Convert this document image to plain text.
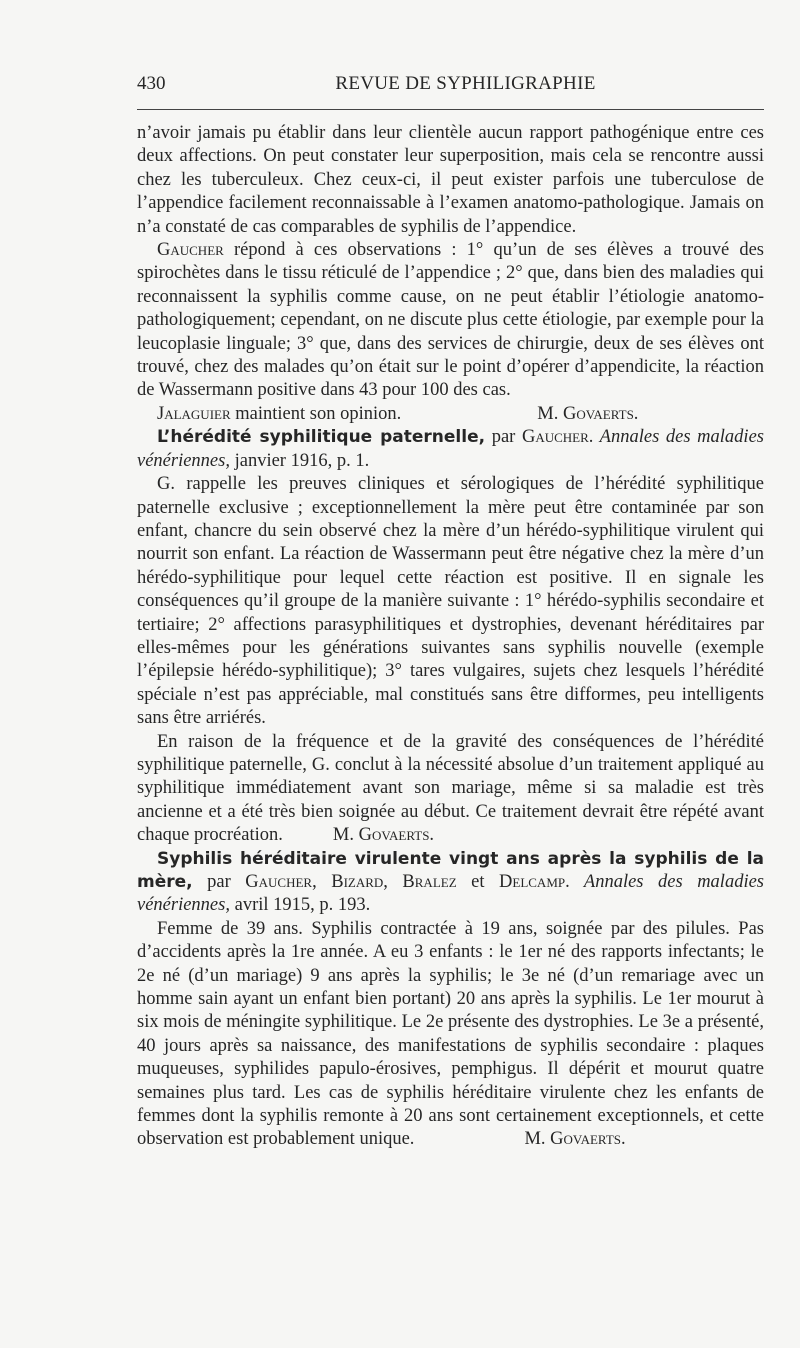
430	REVUE DE SYPHILIGRAPHIE

n’avoir jamais pu établir dans leur clientèle aucun rapport pathogénique entre ces deux affections. On peut constater leur superposition, mais cela se rencontre aussi chez les tuberculeux. Chez ceux-ci, il peut exister parfois une tuberculose de l’appendice facilement reconnaissable à l’examen anatomo-pathologique. Jamais on n’a constaté de cas comparables de syphilis de l’appendice.

Gaucher répond à ces observations : 1° qu’un de ses élèves a trouvé des spirochètes dans le tissu réticulé de l’appendice ; 2° que, dans bien des maladies qui reconnaissent la syphilis comme cause, on ne peut établir l’étiologie anatomo-pathologiquement; cependant, on ne discute plus cette étiologie, par exemple pour la leucoplasie linguale; 3° que, dans des services de chirurgie, deux de ses élèves ont trouvé, chez des malades qu’on était sur le point d’opérer d’appendicite, la réaction de Wassermann positive dans 43 pour 100 des cas.

Jalaguier maintient son opinion.	M. Govaerts.

L’hérédité syphilitique paternelle, par Gaucher. Annales des maladies vénériennes, janvier 1916, p. 1.

G. rappelle les preuves cliniques et sérologiques de l’hérédité syphilitique paternelle exclusive ; exceptionnellement la mère peut être contaminée par son enfant, chancre du sein observé chez la mère d’un hérédo-syphilitique virulent qui nourrit son enfant. La réaction de Wassermann peut être négative chez la mère d’un hérédo-syphilitique pour lequel cette réaction est positive. Il en signale les conséquences qu’il groupe de la manière suivante : 1° hérédo-syphilis secondaire et tertiaire; 2° affections parasyphilitiques et dystrophies, devenant héréditaires par elles-mêmes pour les générations suivantes sans syphilis nouvelle (exemple l’épilepsie hérédo-syphilitique); 3° tares vulgaires, sujets chez lesquels l’hérédité spéciale n’est pas appréciable, mal constitués sans être difformes, peu intelligents sans être arriérés.

En raison de la fréquence et de la gravité des conséquences de l’hérédité syphilitique paternelle, G. conclut à la nécessité absolue d’un traitement appliqué au syphilitique immédiatement avant son mariage, même si sa maladie est très ancienne et a été très bien soignée au début. Ce traitement devrait être répété avant chaque procréation.	M. Govaerts.

Syphilis héréditaire virulente vingt ans après la syphilis de la mère, par Gaucher, Bizard, Bralez et Delcamp. Annales des maladies vénériennes, avril 1915, p. 193.

Femme de 39 ans. Syphilis contractée à 19 ans, soignée par des pilules. Pas d’accidents après la 1re année. A eu 3 enfants : le 1er né des rapports infectants; le 2e né (d’un mariage) 9 ans après la syphilis; le 3e né (d’un remariage avec un homme sain ayant un enfant bien portant) 20 ans après la syphilis. Le 1er mourut à six mois de méningite syphilitique. Le 2e présente des dystrophies. Le 3e a présenté, 40 jours après sa naissance, des manifestations de syphilis secondaire : plaques muqueuses, syphilides papulo-érosives, pemphigus. Il dépérit et mourut quatre semaines plus tard. Les cas de syphilis héréditaire virulente chez les enfants de femmes dont la syphilis remonte à 20 ans sont certainement exceptionnels, et cette observation est probablement unique.	M. Govaerts.
